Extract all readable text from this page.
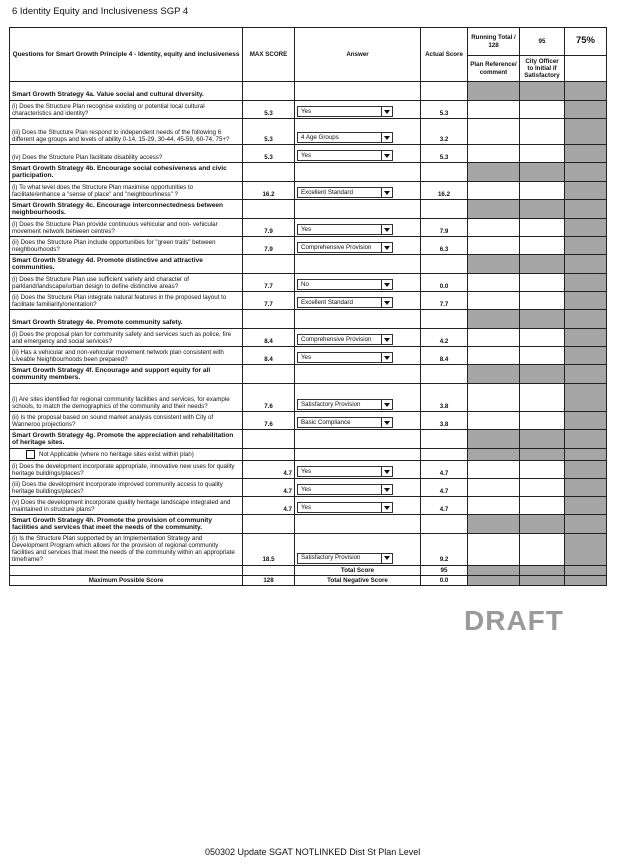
6 Identity Equity and Inclusiveness SGP 4
Questions for Smart Growth Principle 4 - Identity, equity and inclusiveness	MAX SCORE	Answer	Actual Score	Running Total / 128	95	75%
				Plan Reference/ comment	City Officer to Initial if Satisfactory	
Smart Growth Strategy 4a. Value social and cultural diversity.						
(i) Does the Structure Plan recognise existing or potential local cultural characteristics and identity?	5.3	Yes	5.3			
(iii) Does the Structure Plan respond to independent needs of the following 6 different age groups and levels of ability 0-14, 15-29, 30-44, 45-59, 60-74, 75+?	5.3	4 Age Groups	3.2			
(iv) Does the Structure Plan facilitate disability access?	5.3	Yes	5.3			
Smart Growth Strategy 4b. Encourage social cohesiveness and civic participation.						
(i) To what level does the Structure Plan maximise opportunities to facilitate/enhance a "sense of place" and "neighbourliness" ?	16.2	Excellent Standard	16.2			
Smart Growth Strategy 4c. Encourage interconnectedness between neighbourhoods.						
(i) Does the Structure Plan provide continuous vehicular and non- vehicular movement network between centres?	7.9	Yes	7.9			
(ii) Does the Structure Plan include opportunities for "green trails" between neighbourhoods?	7.9	Comprehensive Provision	6.3			
Smart Growth Strategy 4d. Promote distinctive and attractive communities.						
(i) Does the Structure Plan use sufficient variety and character of parkland/landscape/urban design to define distinctive areas?	7.7	No	0.0			
(ii) Does the Structure Plan integrate natural features in the proposed layout to facilitate familiarity/orientation?	7.7	Excellent Standard	7.7			
Smart Growth Strategy 4e. Promote community safety.						
(i) Does the proposal plan for community safety and services such as police, fire and emergency and social services?	8.4	Comprehensive Provision	4.2			
(ii) Has a vehicular and non-vehicular movement network plan consistent with Liveable Neighbourhoods been prepared?	8.4	Yes	8.4			
Smart Growth Strategy 4f. Encourage and support equity for all community members.						
(i) Are sites identified for regional community facilities and services, for example schools, to match the demographics of the community and their needs?	7.6	Satisfactory Provision	3.8			
(ii) Is the proposal based on sound market analysis consistent with City of Wanneroo projections?	7.6	Basic Compliance	3.8			
Smart Growth Strategy 4g. Promote the appreciation and rehabilitation of heritage sites.						

Not Applicable (where no heritage sites exist within plan)						

(i) Does the development incorporate appropriate, innovative new uses for quality heritage buildings/places?	4.7	Yes	4.7			
(iii) Does the development incorporate improved community access to quality heritage buildings/places?	4.7	Yes	4.7			
(v) Does the development incorporate quality heritage landscape integrated and maintained in structure plans?	4.7	Yes	4.7			
Smart Growth Strategy 4h. Promote the provision of community facilities and services that meet the needs of the community.						
(i) Is the Structure Plan supported by an Implementation Strategy and Development Program which allows for the provision of regional community facilities and services that meet the needs of the community within an appropriate timeframe?	18.5	Satisfactory Provision	9.2			
		Total Score	95			
Maximum Possible Score	128	Total Negative Score	0.0			
DRAFT
050302 Update SGAT NOTLINKED Dist St Plan Level
